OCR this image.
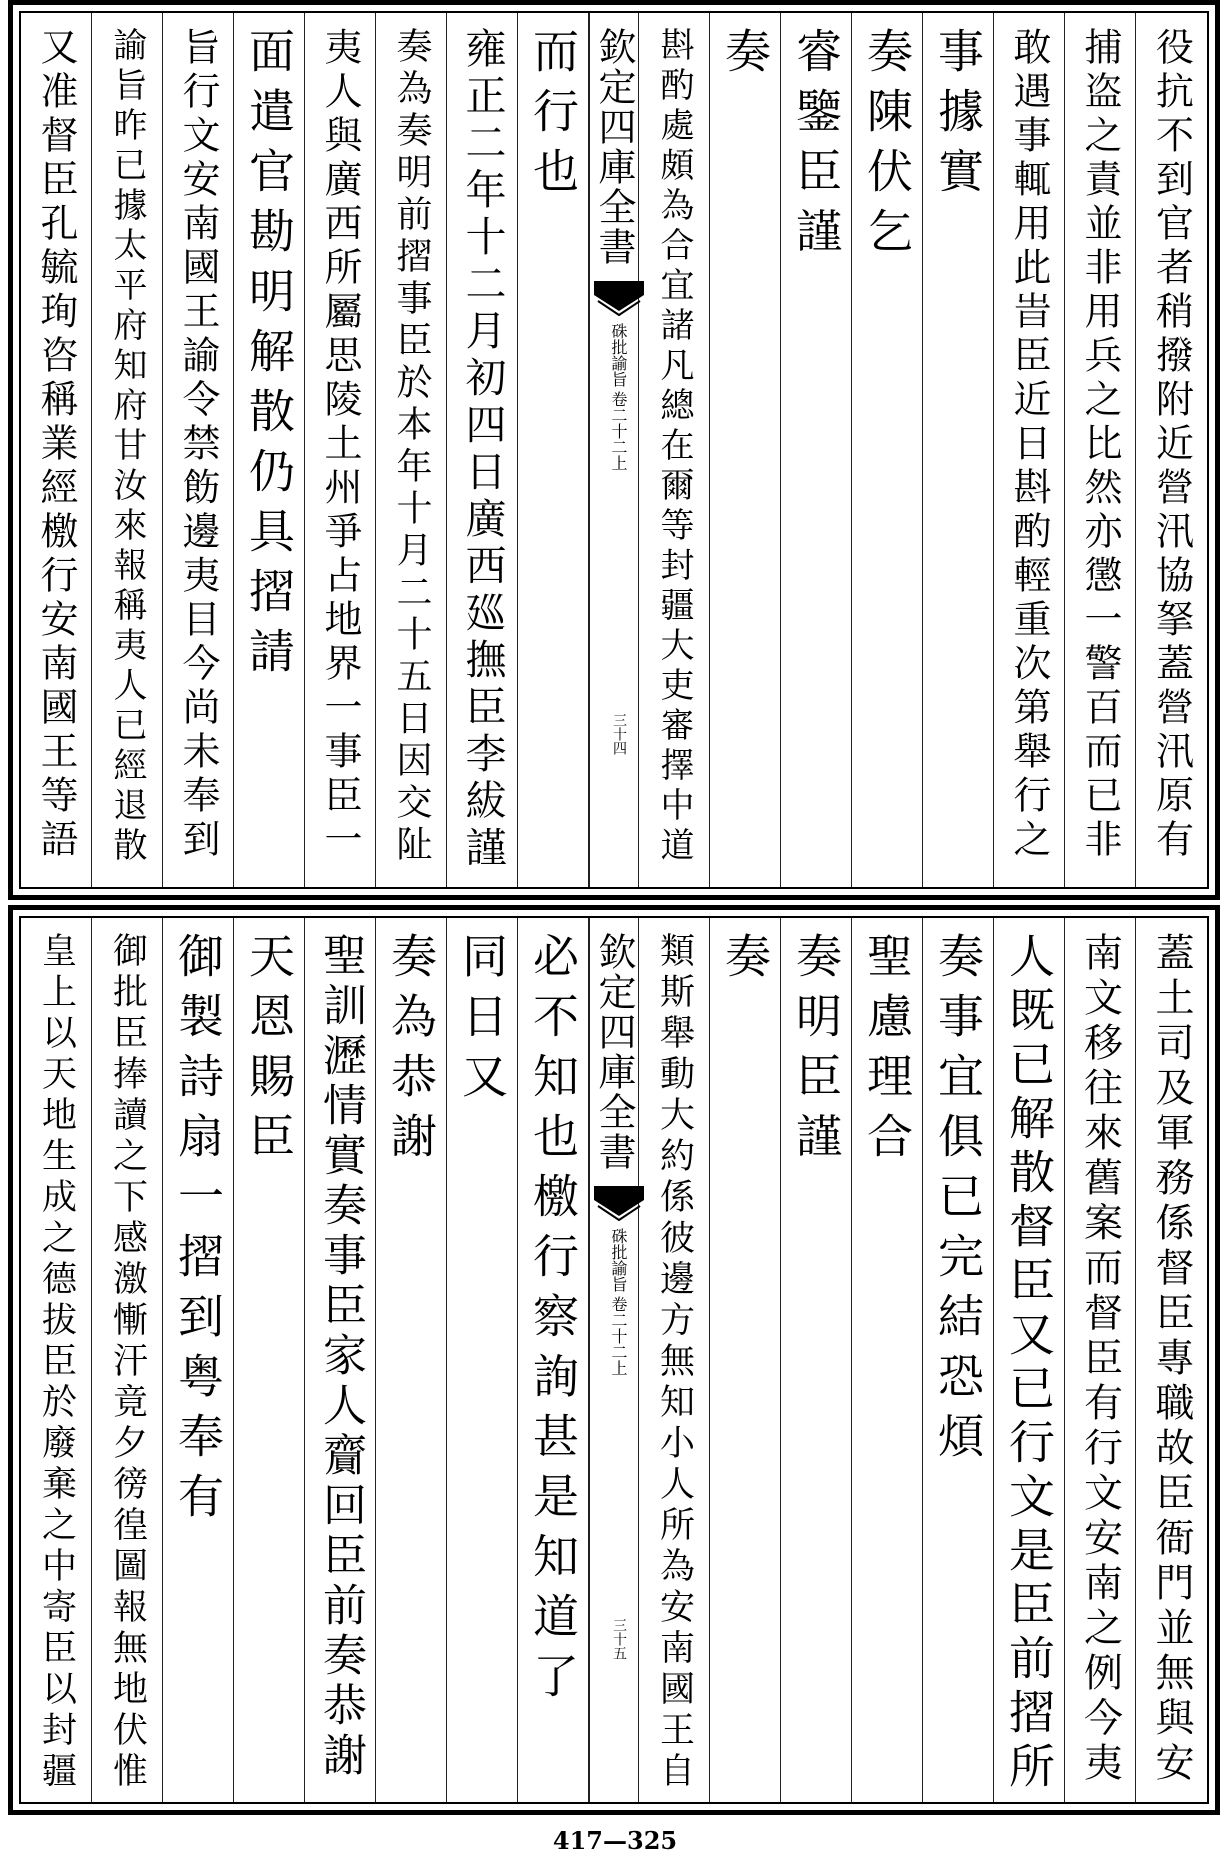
役抗不到官者稍撥附近營汛協拏蓋營汛原有
捕盗之責並非用兵之比然亦懲一警百而已非
敢遇事輒用此旹臣近日斟酌輕重次第舉行之
事據實
奏陳伏乞
睿鑒臣謹
奏
斟酌處頗為合宜諸凡總在爾等封疆大吏審擇中道
欽定四庫全書
硃批諭旨
卷二十二上
三十四
而行也
雍正二年十二月初四日廣西廵撫臣李紱謹
奏為奏明前摺事臣於本年十月二十五日因交阯
夷人與廣西所屬思陵土州爭占地界一事臣一
面遣官勘明解散仍具摺請
旨行文安南國王諭令禁飭邊夷目今尚未奉到
諭旨昨已據太平府知府甘汝來報稱夷人已經退散
又准督臣孔毓珣咨稱業經檄行安南國王等語
蓋土司及軍務係督臣專職故臣衙門並無與安
南文移往來舊案而督臣有行文安南之例今夷
人既已解散督臣又已行文是臣前摺所
奏事宜俱已完結恐煩
聖慮理合
奏明臣謹
奏
類斯舉動大約係彼邊方無知小人所為安南國王自
欽定四庫全書
硃批諭旨
卷二十二上
三十五
必不知也檄行察詢甚是知道了
同日又
奏為恭謝
聖訓瀝情實奏事臣家人齎回臣前奏恭謝
天恩賜臣
御製詩扇一摺到粤奉有
御批臣捧讀之下感激慚汗竟夕徬徨圖報無地伏惟
皇上以天地生成之德拔臣於廢棄之中寄臣以封疆
417—325
